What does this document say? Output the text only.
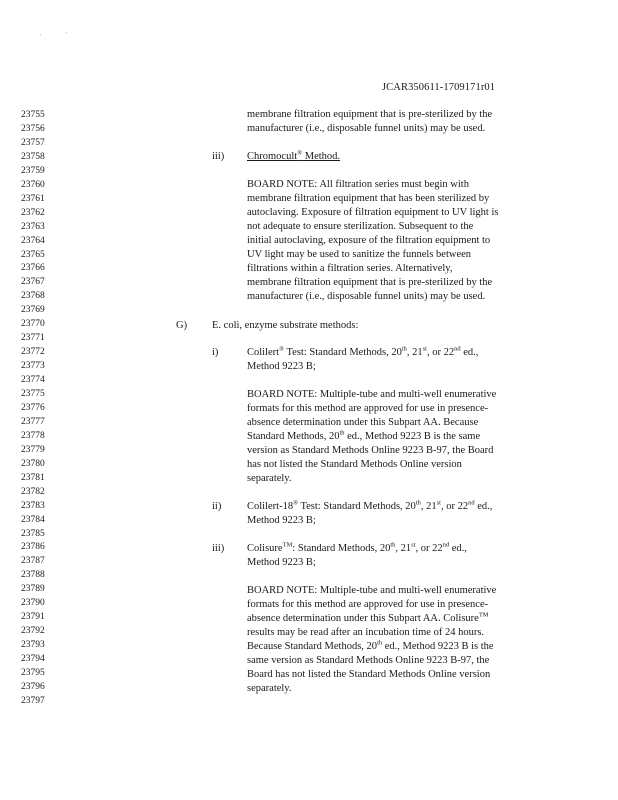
'	'
JCAR350611-1709171r01
23755
23756
23757
23758
23759
23760
23761
23762
23763
23764
23765
23766
23767
23768
23769
23770
23771
23772
23773
23774
23775
23776
23777
23778
23779
23780
23781
23782
23783
23784
23785
23786
23787
23788
23789
23790
23791
23792
23793
23794
23795
23796
23797
membrane filtration equipment that is pre-sterilized by the
manufacturer (i.e., disposable funnel units) may be used.
iii) Chromocult® Method.
BOARD NOTE: All filtration series must begin with
membrane filtration equipment that has been sterilized by
autoclaving. Exposure of filtration equipment to UV light is
not adequate to ensure sterilization. Subsequent to the
initial autoclaving, exposure of the filtration equipment to
UV light may be used to sanitize the funnels between
filtrations within a filtration series. Alternatively,
membrane filtration equipment that is pre-sterilized by the
manufacturer (i.e., disposable funnel units) may be used.
G) E. coli, enzyme substrate methods:
i)	Colilert® Test: Standard Methods, 20th, 21st, or 22nd ed.,
Method 9223 B;
BOARD NOTE: Multiple-tube and multi-well enumerative
formats for this method are approved for use in presence-
absence determination under this Subpart AA. Because
Standard Methods, 20th ed., Method 9223 B is the same
version as Standard Methods Online 9223 B-97, the Board
has not listed the Standard Methods Online version
separately.
ii) Colilert-18® Test: Standard Methods, 20th, 21st, or 22nd ed.,
Method 9223 B;
iii) Colisure™: Standard Methods, 20th, 21st, or 22nd ed.,
Method 9223 B;
BOARD NOTE: Multiple-tube and multi-well enumerative
formats for this method are approved for use in presence-
absence determination under this Subpart AA. Colisure™
results may be read after an incubation time of 24 hours.
Because Standard Methods, 20th ed., Method 9223 B is the
same version as Standard Methods Online 9223 B-97, the
Board has not listed the Standard Methods Online version
separately.
